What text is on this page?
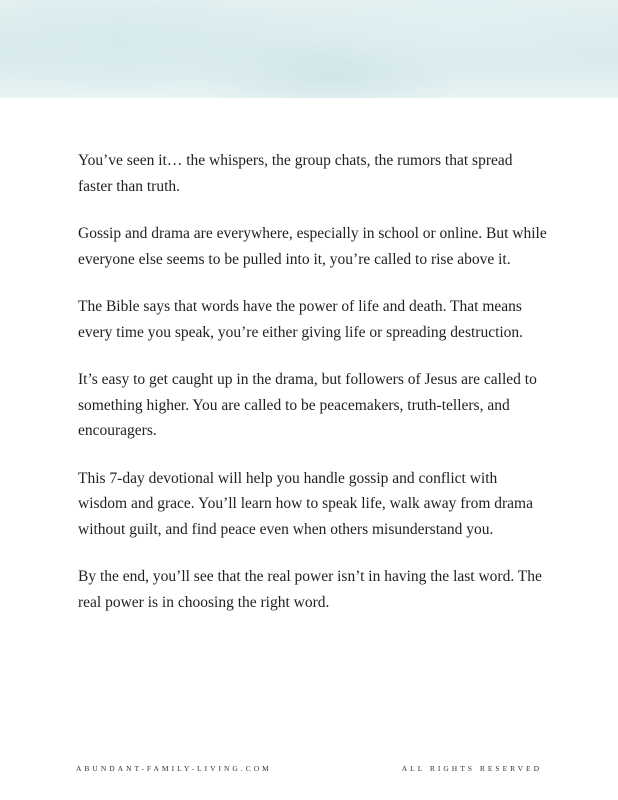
You’ve seen it… the whispers, the group chats, the rumors that spread faster than truth.

Gossip and drama are everywhere, especially in school or online. But while everyone else seems to be pulled into it, you’re called to rise above it.

The Bible says that words have the power of life and death. That means every time you speak, you’re either giving life or spreading destruction.

It’s easy to get caught up in the drama, but followers of Jesus are called to something higher. You are called to be peacemakers, truth-tellers, and encouragers.

This 7-day devotional will help you handle gossip and conflict with wisdom and grace. You’ll learn how to speak life, walk away from drama without guilt, and find peace even when others misunderstand you.

By the end, you’ll see that the real power isn’t in having the last word. The real power is in choosing the right word.

ABUNDANT-FAMILY-LIVING.COM	ALL RIGHTS RESERVED
